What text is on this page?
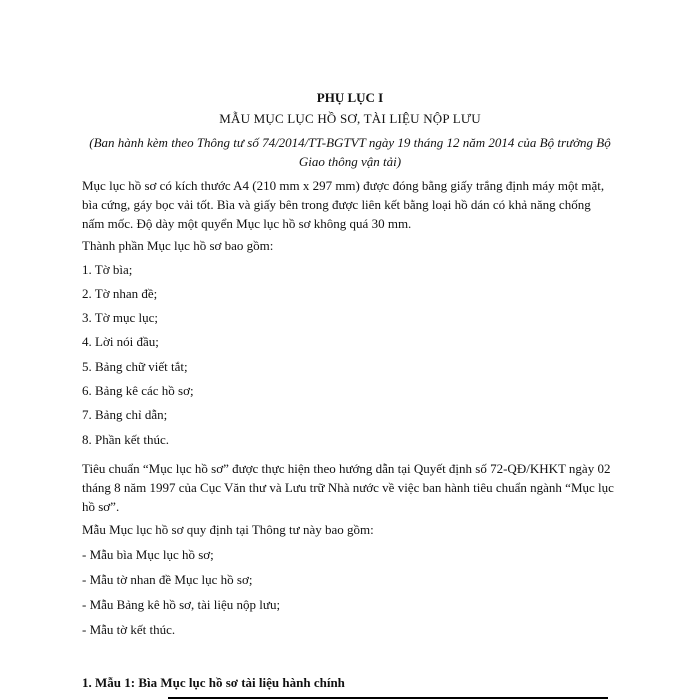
PHỤ LỤC I
MẪU MỤC LỤC HỒ SƠ, TÀI LIỆU NỘP LƯU
(Ban hành kèm theo Thông tư số 74/2014/TT-BGTVT ngày 19 tháng 12 năm 2014 của Bộ trưởng Bộ Giao thông vận tải)

Mục lục hồ sơ có kích thước A4 (210 mm x 297 mm) được đóng bằng giấy trắng định máy một mặt, bìa cứng, gáy bọc vải tốt. Bìa và giấy bên trong được liên kết bằng loại hồ dán có khả năng chống nấm mốc. Độ dày một quyển Mục lục hồ sơ không quá 30 mm.

Thành phần Mục lục hồ sơ bao gồm:
1. Tờ bìa;
2. Tờ nhan đề;
3. Tờ mục lục;
4. Lời nói đầu;
5. Bảng chữ viết tắt;
6. Bảng kê các hồ sơ;
7. Bảng chỉ dẫn;
8. Phần kết thúc.

Tiêu chuẩn “Mục lục hồ sơ” được thực hiện theo hướng dẫn tại Quyết định số 72-QĐ/KHKT ngày 02 tháng 8 năm 1997 của Cục Văn thư và Lưu trữ Nhà nước về việc ban hành tiêu chuẩn ngành “Mục lục hồ sơ”.

Mẫu Mục lục hồ sơ quy định tại Thông tư này bao gồm:
- Mẫu bìa Mục lục hồ sơ;
- Mẫu tờ nhan đề Mục lục hồ sơ;
- Mẫu Bảng kê hồ sơ, tài liệu nộp lưu;
- Mẫu tờ kết thúc.
1. Mẫu 1: Bìa Mục lục hồ sơ tài liệu hành chính
